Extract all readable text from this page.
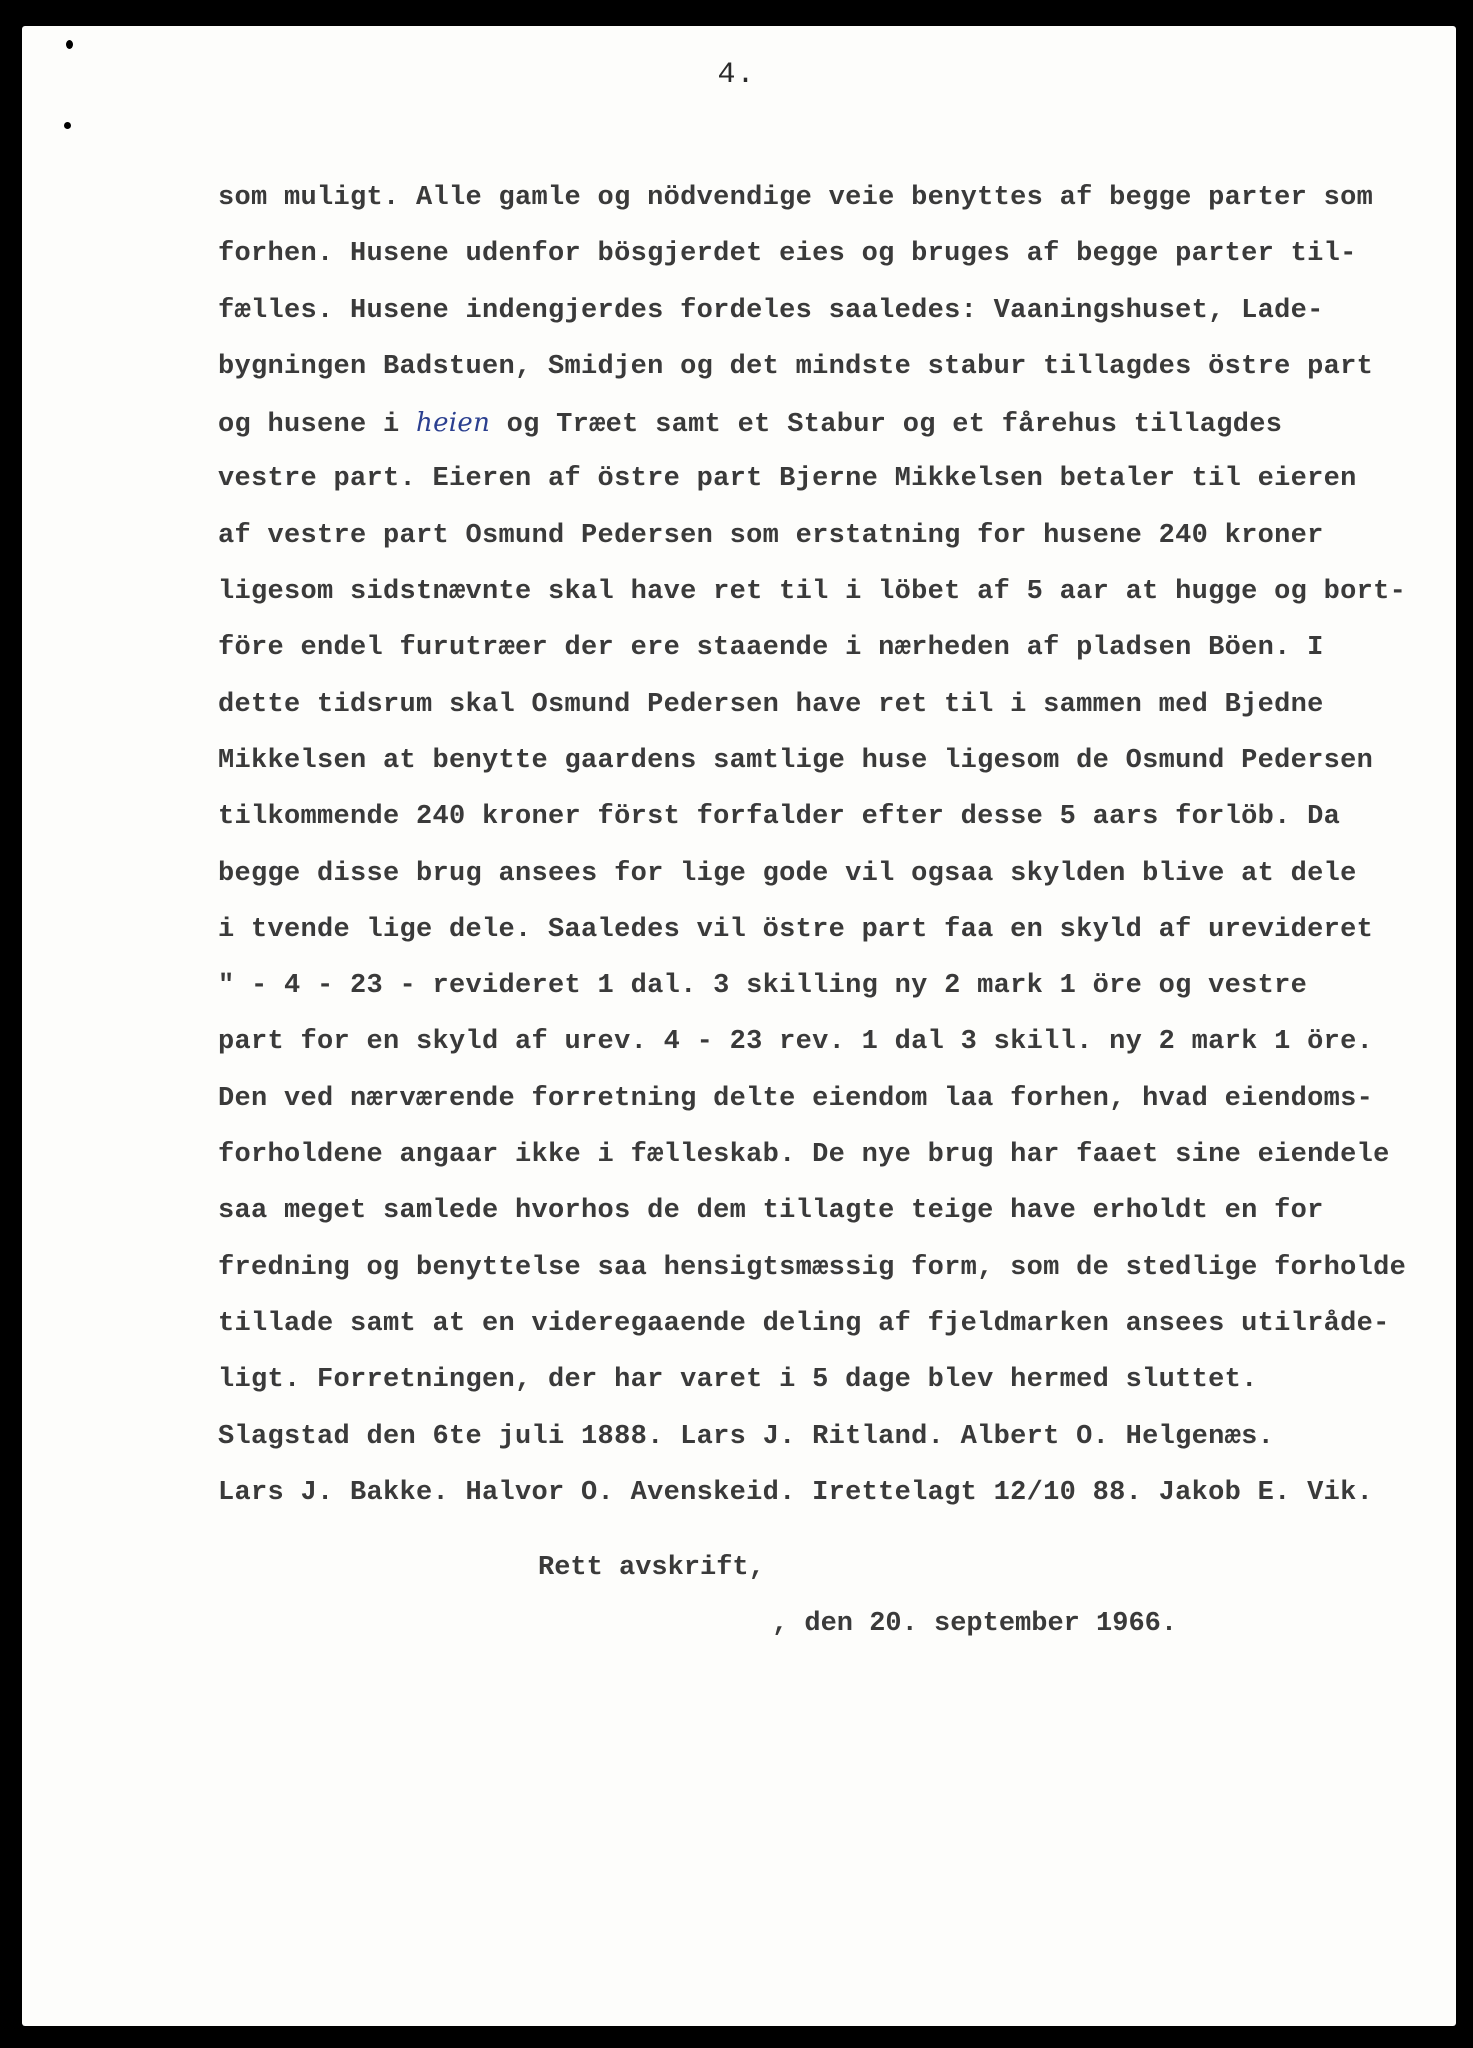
4.
som muligt. Alle gamle og nödvendige veie benyttes af begge parter som
forhen. Husene udenfor bösgjerdet eies og bruges af begge parter til-
fælles. Husene indengjerdes fordeles saaledes: Vaaningshuset, Lade-
bygningen Badstuen, Smidjen og det mindste stabur tillagdes östre part
og husene i heien og Træet samt et Stabur og et fårehus tillagdes
vestre part. Eieren af östre part Bjerne Mikkelsen betaler til eieren
af vestre part Osmund Pedersen som erstatning for husene 240 kroner
ligesom sidstnævnte skal have ret til i löbet af 5 aar at hugge og bort-
före endel furutræer der ere staaende i nærheden af pladsen Böen. I
dette tidsrum skal Osmund Pedersen have ret til i sammen med Bjedne
Mikkelsen at benytte gaardens samtlige huse ligesom de Osmund Pedersen
tilkommende 240 kroner först forfalder efter desse 5 aars forlöb. Da
begge disse brug ansees for lige gode vil ogsaa skylden blive at dele
i tvende lige dele. Saaledes vil östre part faa en skyld af urevideret
" - 4 - 23 - revideret 1 dal. 3 skilling ny 2 mark 1 öre og vestre
part for en skyld af urev. 4 - 23 rev. 1 dal 3 skill. ny 2 mark 1 öre.
Den ved nærværende forretning delte eiendom laa forhen, hvad eiendoms-
forholdene angaar ikke i fælleskab. De nye brug har faaet sine eiendele
saa meget samlede hvorhos de dem tillagte teige have erholdt en for
fredning og benyttelse saa hensigtsmæssig form, som de stedlige forholde
tillade samt at en videregaaende deling af fjeldmarken ansees utilråde-
ligt. Forretningen, der har varet i 5 dage blev hermed sluttet.
Slagstad den 6te juli 1888. Lars J. Ritland. Albert O. Helgenæs.
Lars J. Bakke. Halvor O. Avenskeid. Irettelagt 12/10 88. Jakob E. Vik.
Rett avskrift,
, den 20. september 1966.
